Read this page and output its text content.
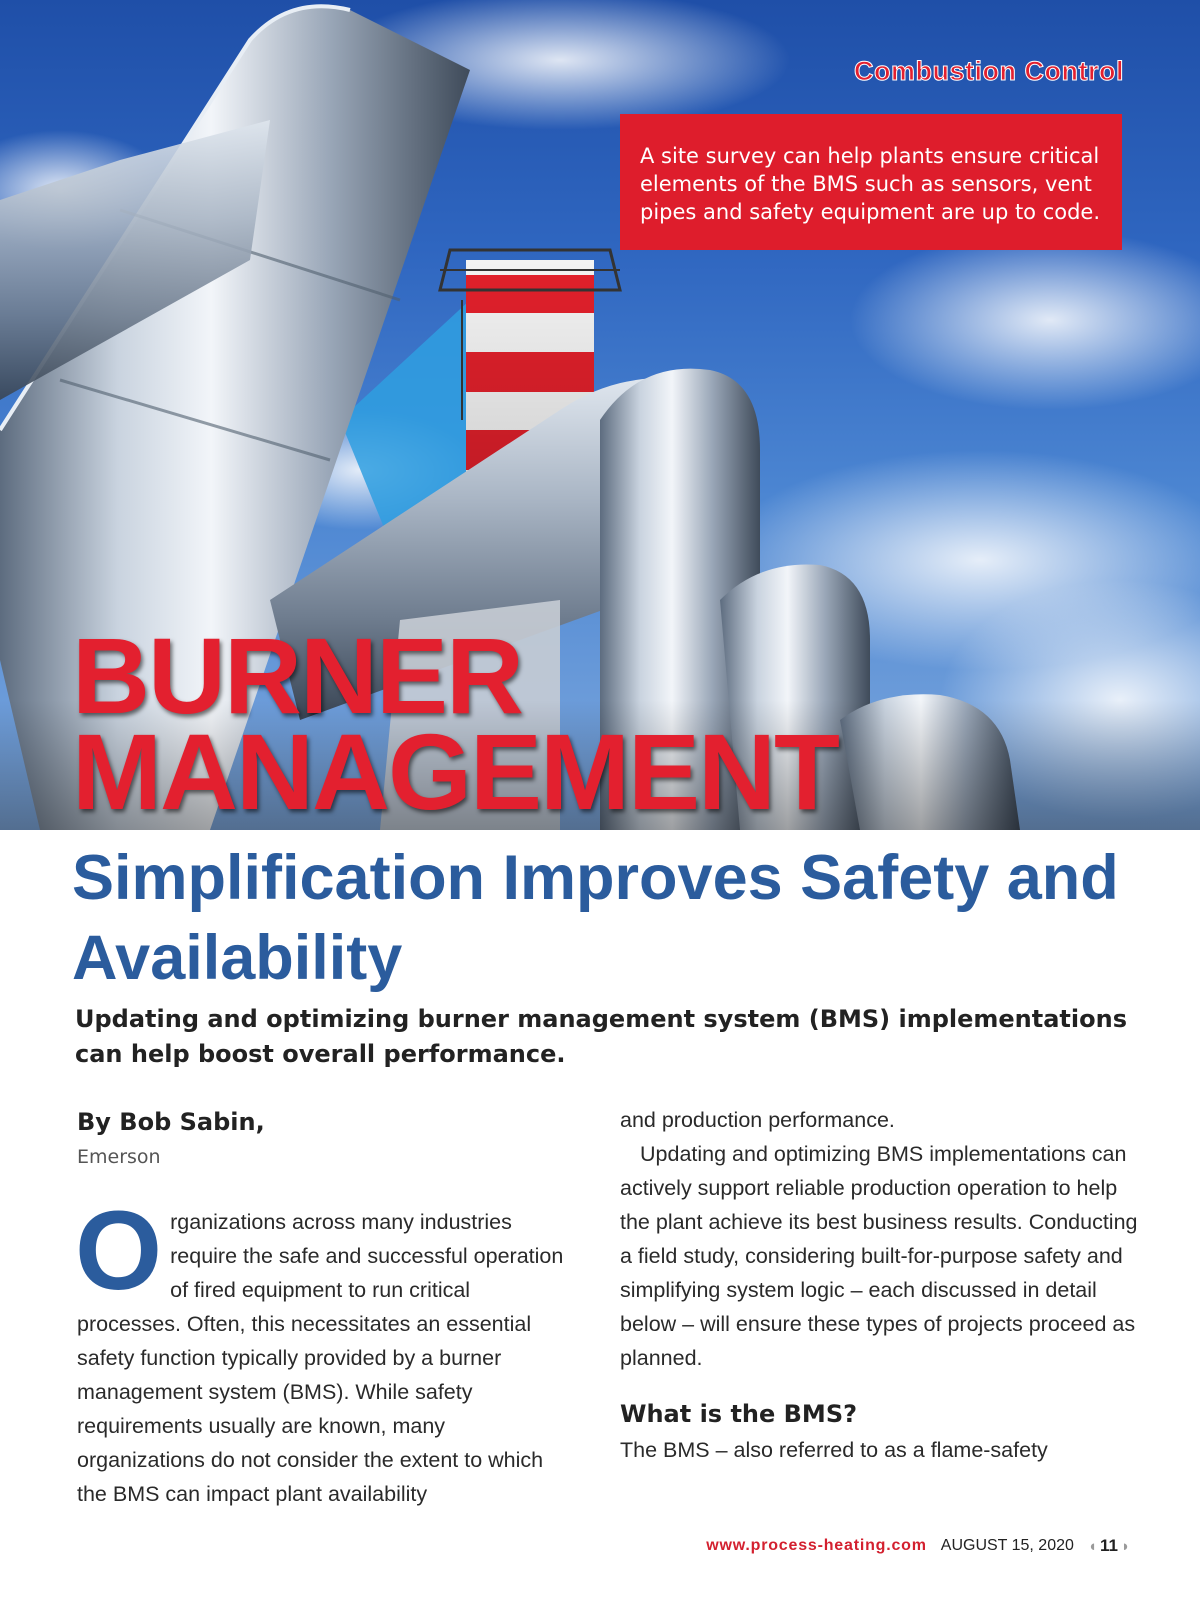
Combustion Control

A site survey can help plants ensure critical elements of the BMS such as sensors, vent pipes and safety equipment are up to code.

BURNER
MANAGEMENT
Simplification Improves Safety and Availability

Updating and optimizing burner management system (BMS) implementations can help boost overall performance.

By Bob Sabin,

Emerson

Organizations across many industries require the safe and successful operation of fired equipment to run critical processes. Often, this necessitates an essential safety function typically provided by a burner management system (BMS). While safety requirements usually are known, many organizations do not consider the extent to which the BMS can impact plant availability

and production performance.

Updating and optimizing BMS implementations can actively support reliable production operation to help the plant achieve its best business results. Conducting a field study, considering built-for-purpose safety and simplifying system logic – each discussed in detail below – will ensure these types of projects proceed as planned.

What is the BMS?

The BMS – also referred to as a flame-safety

www.process-heating.com AUGUST 15, 2020 ◖ 11 ◗
